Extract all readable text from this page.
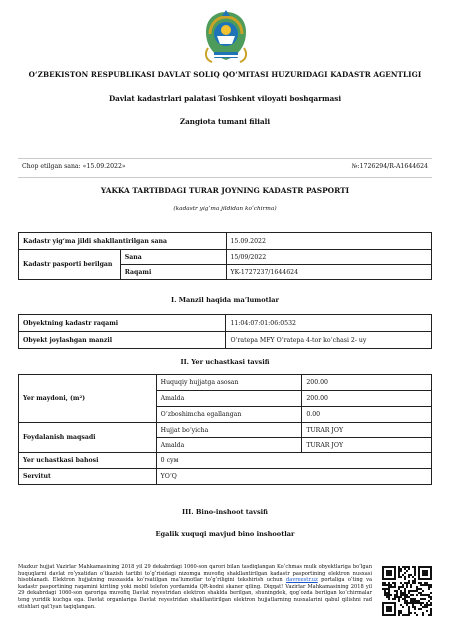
O‘ZBEKISTON RESPUBLIKASI DAVLAT SOLIQ QO‘MITASI HUZURIDAGI KADASTR AGENTLIGI
Davlat kadastrlari palatasi Toshkent viloyati boshqarmasi
Zangiota tumani filiali
Chop etilgan sana: «15.09.2022»	№:1726294/R-A1644624
YAKKA TARTIBDAGI TURAR JOYNING KADASTR PASPORTI
(kadastr yig‘ma jildidan ko‘chirma)
Kadastr yig‘ma jildi shakllantirilgan sana		15.09.2022
Kadastr pasporti berilgan	Sana	15/09/2022
	Raqami	YK-1727237/1644624
I. Manzil haqida ma’lumotlar
Obyektning kadastr raqami	11:04:07:01:06:0532
Obyekt joylashgan manzil	O‘ratepa MFY O‘ratepa 4-tor ko‘chasi 2- uy
II. Yer uchastkasi tavsifi
Yer maydoni, (m²)	Huquqiy hujjatga asosan	200.00
	Amalda	200.00
	O‘zboshimcha egallangan	0.00
Foydalanish maqsadi	Hujjat bo‘yicha	TURAR JOY
	Amalda	TURAR JOY
Yer uchastkasi bahosi	0 сум	
Servitut	YO‘Q	
III. Bino-inshoot tavsifi
Egalik xuquqi mavjud bino inshootlar
Mazkur hujjat Vazirlar Mahkamasining 2018 yil 29 dekabrdagi 1060-son qarori bilan tasdiqlangan Ko‘chmas mulk obyektlariga bo‘lgan huquqlarni davlat ro‘yxatidan o‘tkazish tartibi to‘g‘risidagi nizomga muvofiq shakllantirilgan kadastr pasportining elektron nusxasi hisoblanadi. Elektron hujjatning nusxasida ko‘rsatilgan ma’lumotlar to‘g‘riligini tekshirish uchun davreestr.uz portaliga o‘ting va kadastr pasportining raqamini kiriting yoki mobil telefon yordamida QR-kodni skaner qiling. Diqqat! Vazirlar Mahkamasining 2018 yil 29 dekabrdagi 1060-son qaroriga muvofiq Davlat reyestridan elektron shaklda berilgan, shuningdek, qog‘ozda berilgan ko‘chirmalar teng yuridik kuchga ega. Davlat organlariga Davlat reyestridan shakllantirilgan elektron hujjatlarning nusxalarini qabul qilishni rad etishlari qat’iyan taqiqlangan.
